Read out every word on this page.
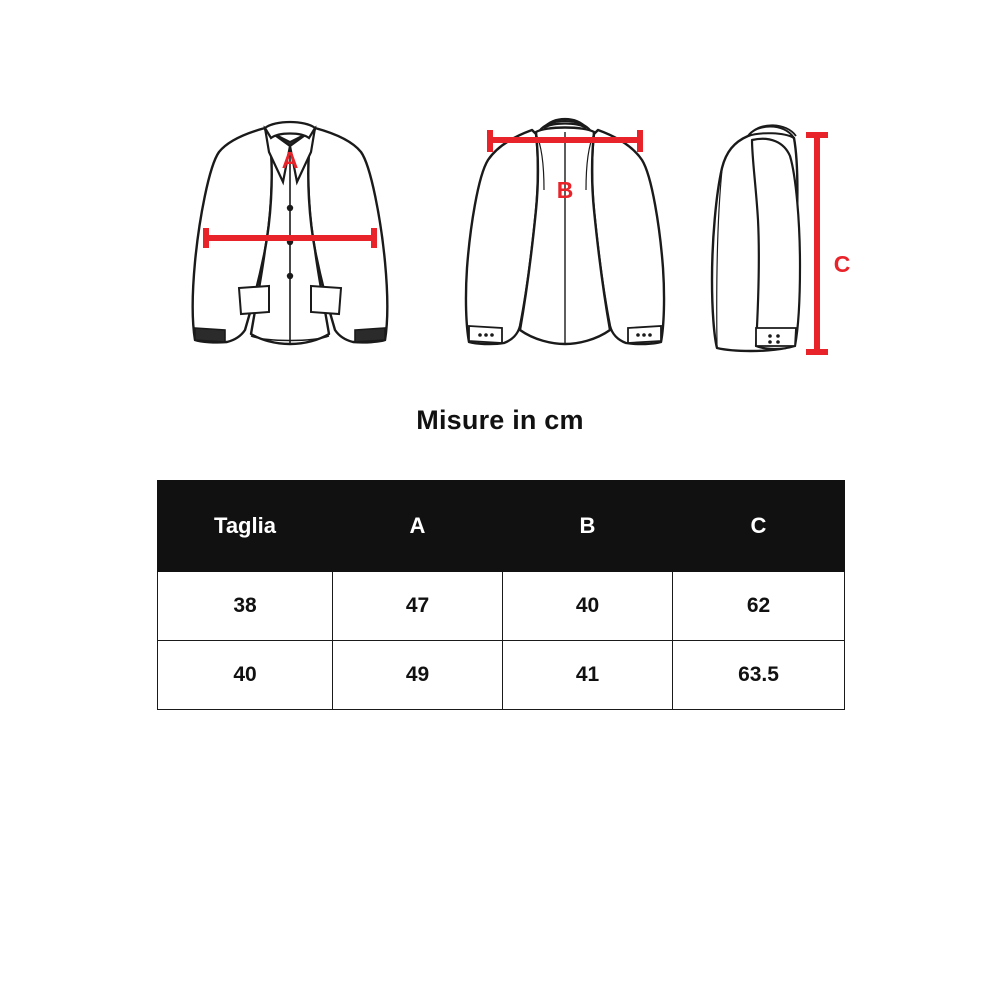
A
B
C
Misure in cm
Taglia	A	B	C
38	47	40	62
40	49	41	63.5
